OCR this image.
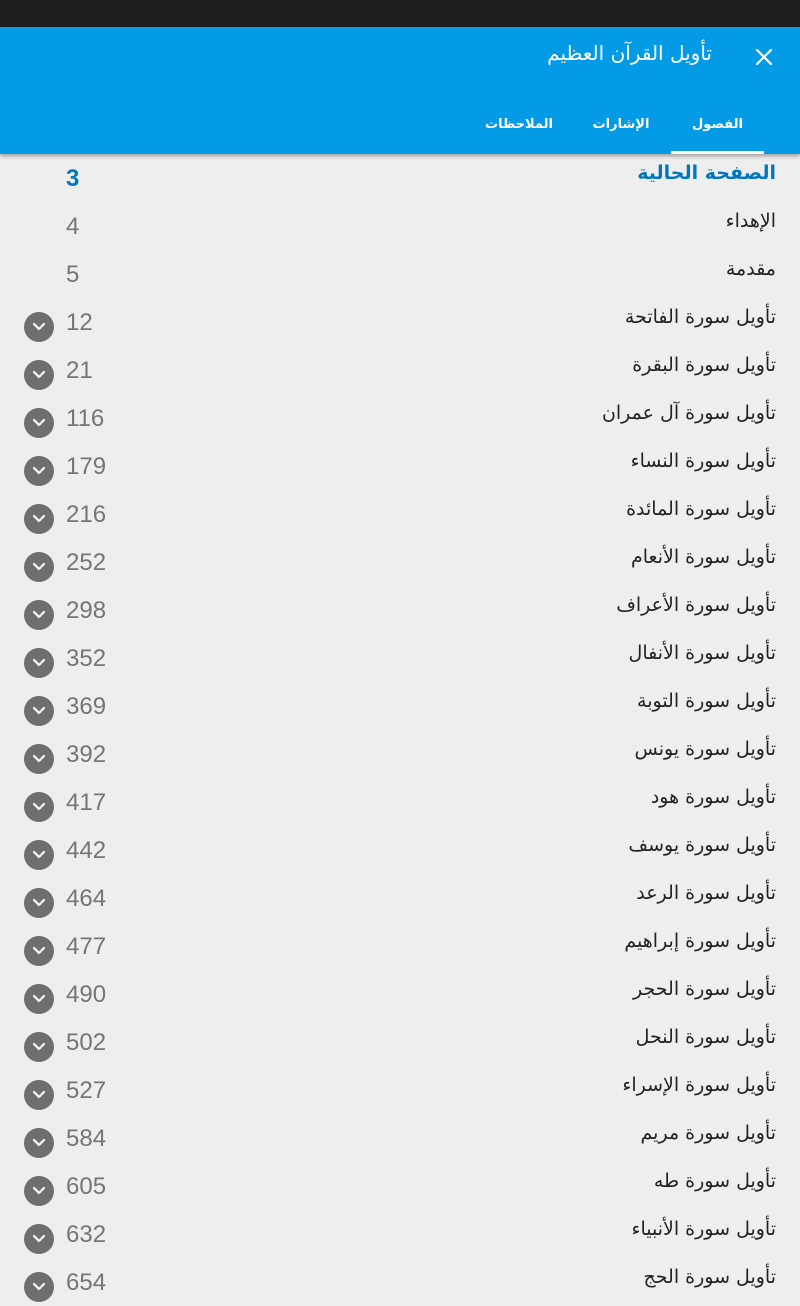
تأويل القرآن العظيم
الفصول
الإشارات
الملاحظات
الصفحة الحالية
3
الإهداء
4
مقدمة
5
تأويل سورة الفاتحة
12
تأويل سورة البقرة
21
تأويل سورة آل عمران
116
تأويل سورة النساء
179
تأويل سورة المائدة
216
تأويل سورة الأنعام
252
تأويل سورة الأعراف
298
تأويل سورة الأنفال
352
تأويل سورة التوبة
369
تأويل سورة يونس
392
تأويل سورة هود
417
تأويل سورة يوسف
442
تأويل سورة الرعد
464
تأويل سورة إبراهيم
477
تأويل سورة الحجر
490
تأويل سورة النحل
502
تأويل سورة الإسراء
527
تأويل سورة مريم
584
تأويل سورة طه
605
تأويل سورة الأنبياء
632
تأويل سورة الحج
654
